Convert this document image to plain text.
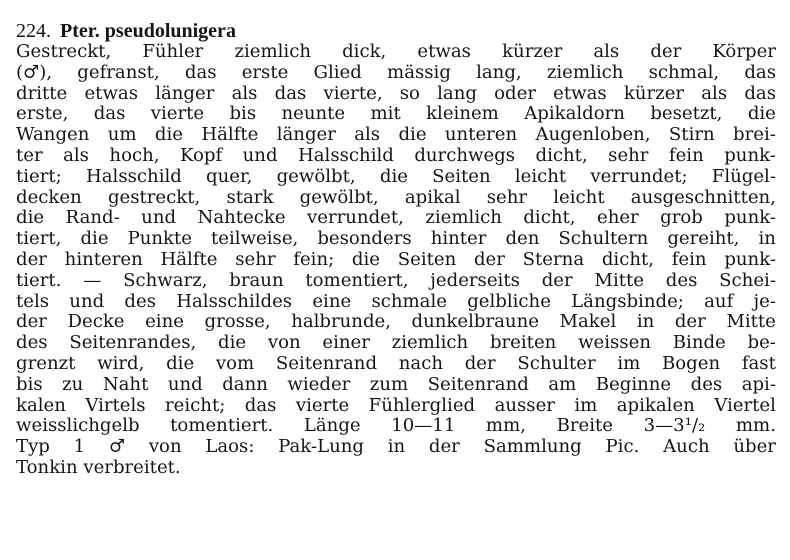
224. Pter. pseudolunigera
Gestreckt, Fühler ziemlich dick, etwas kürzer als der Körper
(♂), gefranst, das erste Glied mässig lang, ziemlich schmal, das
dritte etwas länger als das vierte, so lang oder etwas kürzer als das
erste, das vierte bis neunte mit kleinem Apikaldorn besetzt, die
Wangen um die Hälfte länger als die unteren Augenloben, Stirn brei-
ter als hoch, Kopf und Halsschild durchwegs dicht, sehr fein punk-
tiert; Halsschild quer, gewölbt, die Seiten leicht verrundet; Flügel-
decken gestreckt, stark gewölbt, apikal sehr leicht ausgeschnitten,
die Rand- und Nahtecke verrundet, ziemlich dicht, eher grob punk-
tiert, die Punkte teilweise, besonders hinter den Schultern gereiht, in
der hinteren Hälfte sehr fein; die Seiten der Sterna dicht, fein punk-
tiert. — Schwarz, braun tomentiert, jederseits der Mitte des Schei-
tels und des Halsschildes eine schmale gelbliche Längsbinde; auf je-
der Decke eine grosse, halbrunde, dunkelbraune Makel in der Mitte
des Seitenrandes, die von einer ziemlich breiten weissen Binde be-
grenzt wird, die vom Seitenrand nach der Schulter im Bogen fast
bis zu Naht und dann wieder zum Seitenrand am Beginne des api-
kalen Virtels reicht; das vierte Fühlerglied ausser im apikalen Viertel
weisslichgelb tomentiert. Länge 10—11 mm, Breite 3—3¹/₂ mm.
Typ 1 ♂ von Laos: Pak-Lung in der Sammlung Pic. Auch über
Tonkin verbreitet.
